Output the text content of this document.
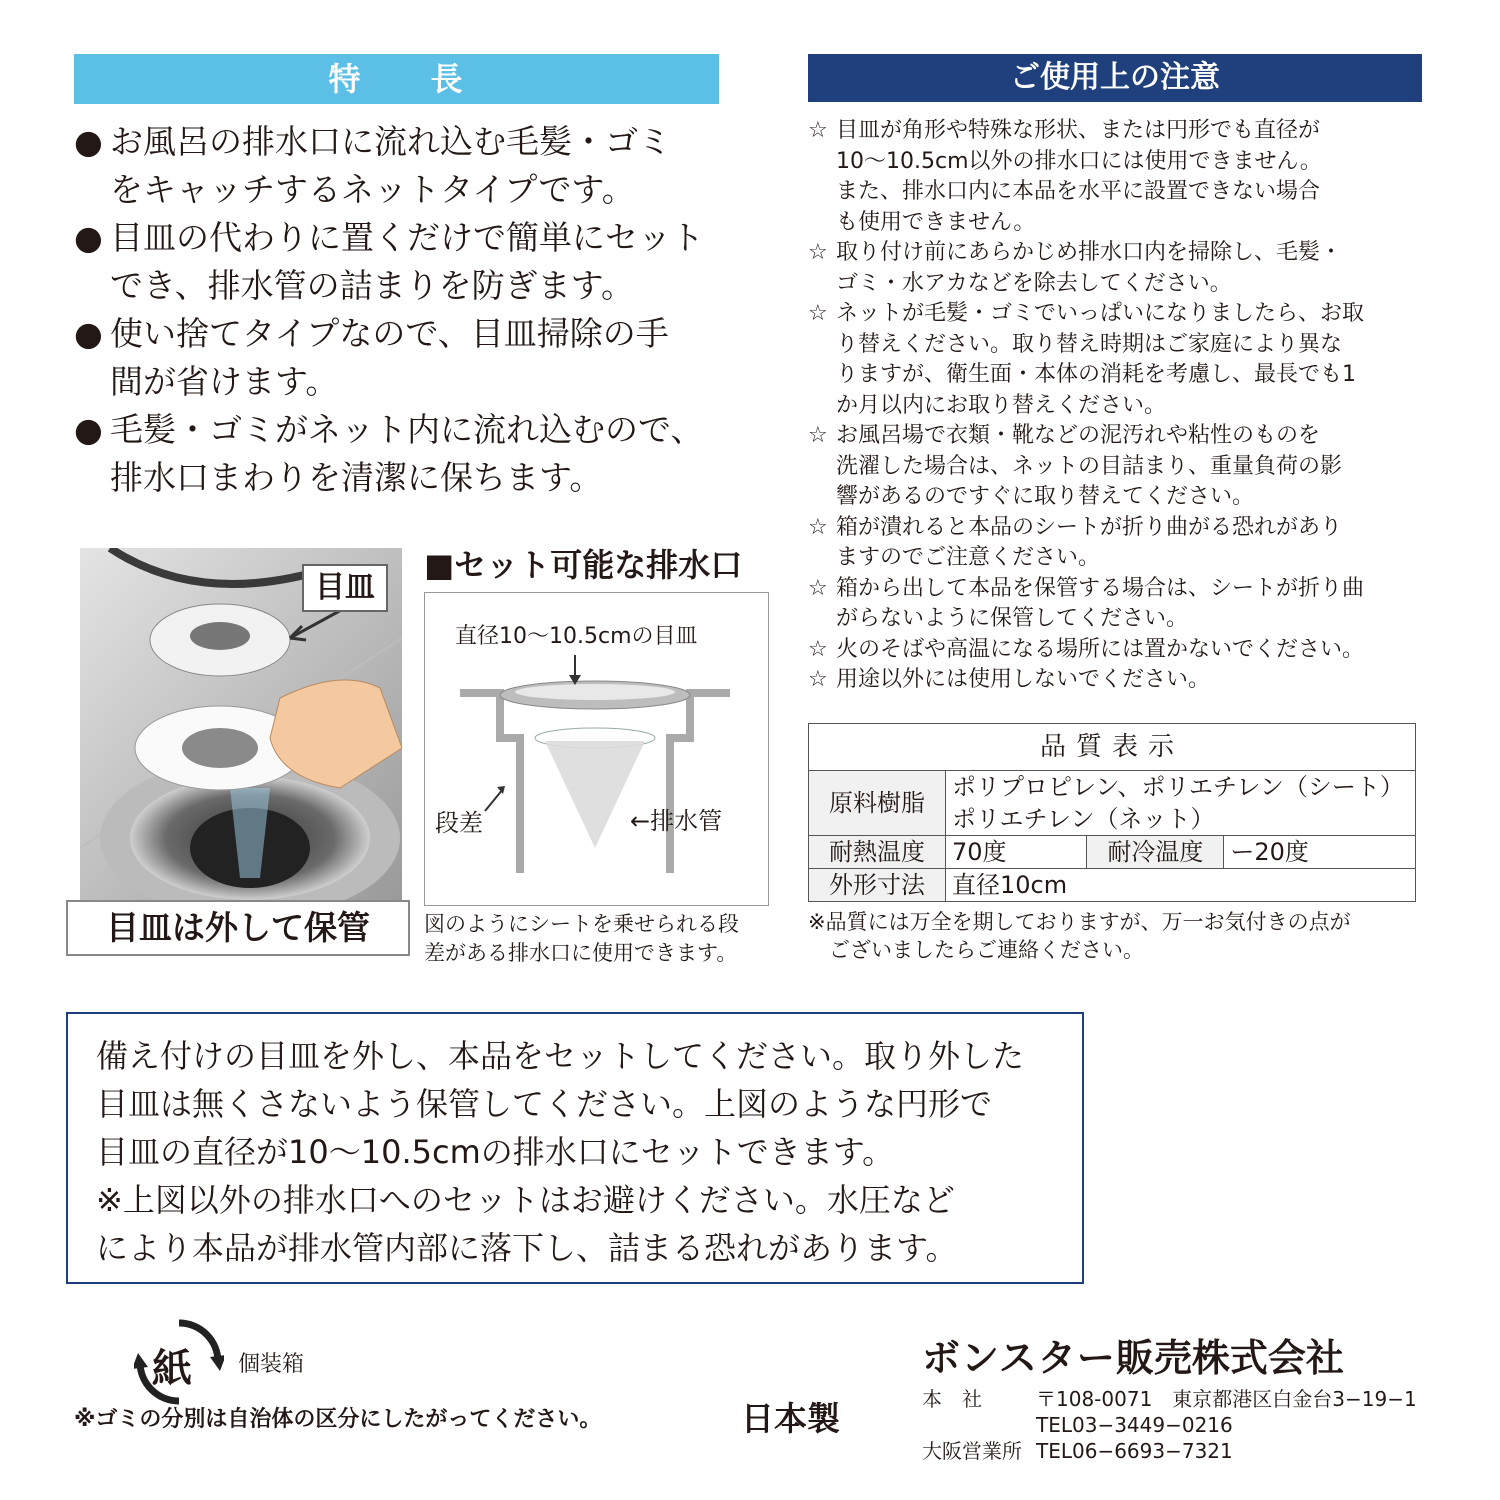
特　　長
● お風呂の排水口に流れ込む毛髪・ゴミ
をキャッチするネットタイプです。
● 目皿の代わりに置くだけで簡単にセット
でき、排水管の詰まりを防ぎます。
● 使い捨てタイプなので、目皿掃除の手
間が省けます。
● 毛髪・ゴミがネット内に流れ込むので、
排水口まわりを清潔に保ちます。
ご使用上の注意
☆ 目皿が角形や特殊な形状、または円形でも直径が
10〜10.5cm以外の排水口には使用できません。
また、排水口内に本品を水平に設置できない場合
も使用できません。
☆ 取り付け前にあらかじめ排水口内を掃除し、毛髪・
ゴミ・水アカなどを除去してください。
☆ ネットが毛髪・ゴミでいっぱいになりましたら、お取
り替えください。取り替え時期はご家庭により異な
りますが、衛生面・本体の消耗を考慮し、最長でも1
か月以内にお取り替えください。
☆ お風呂場で衣類・靴などの泥汚れや粘性のものを
洗濯した場合は、ネットの目詰まり、重量負荷の影
響があるのですぐに取り替えてください。
☆ 箱が潰れると本品のシートが折り曲がる恐れがあり
ますのでご注意ください。
☆ 箱から出して本品を保管する場合は、シートが折り曲
がらないように保管してください。
☆ 火のそばや高温になる場所には置かないでください。
☆ 用途以外には使用しないでください。
品質表示			
原料樹脂	ポリプロピレン、ポリエチレン（シート）
ポリエチレン（ネット）		

耐熱温度	70度	耐冷温度	ー20度
外形寸法	直径10cm		
※品質には万全を期しておりますが、万一お気付きの点が
　ございましたらご連絡ください。
目皿
目皿は外して保管
■セット可能な排水口
直径10〜10.5cmの目皿
段差	←排水管
図のようにシートを乗せられる段
差がある排水口に使用できます。
備え付けの目皿を外し、本品をセットしてください。取り外した
目皿は無くさないよう保管してください。上図のような円形で
目皿の直径が10〜10.5cmの排水口にセットできます。
※上図以外の排水口へのセットはお避けください。水圧など
により本品が排水管内部に落下し、詰まる恐れがあります。
紙 個装箱
※ゴミの分別は自治体の区分にしたがってください。	日本製
ボンスター販売株式会社
本　社	〒108-0071　東京都港区白金台3−19−1
TEL03−3449−0216
大阪営業所 TEL06−6693−7321
